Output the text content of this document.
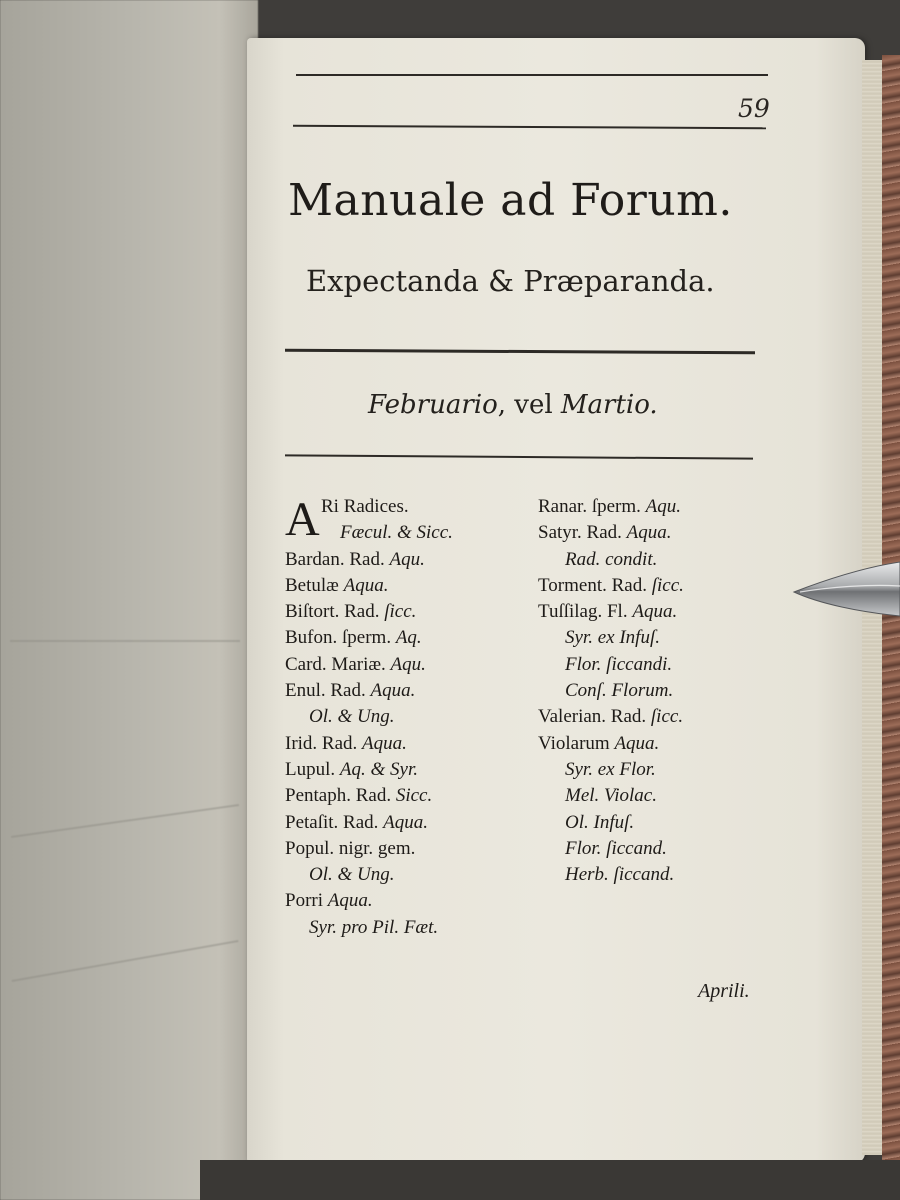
59
Manuale ad Forum.
Expectanda & Præparanda.
Februario, vel Martio.
A Ri Radices.
Fæcul. & Sicc.
Bardan. Rad. Aqu.
Betulæ Aqua.
Biſtort. Rad. ſicc.
Bufon. ſperm. Aq.
Card. Mariæ. Aqu.
Enul. Rad. Aqua.
Ol. & Ung.
Irid. Rad. Aqua.
Lupul. Aq. & Syr.
Pentaph. Rad. Sicc.
Petaſit. Rad. Aqua.
Popul. nigr. gem.
Ol. & Ung.
Porri Aqua.
Syr. pro Pil. Fæt.
Ranar. ſperm. Aqu.
Satyr. Rad. Aqua.
Rad. condit.
Torment. Rad. ſicc.
Tuſſilag. Fl. Aqua.
Syr. ex Infuſ.
Flor. ſiccandi.
Conſ. Florum.
Valerian. Rad. ſicc.
Violarum Aqua.
Syr. ex Flor.
Mel. Violac.
Ol. Infuſ.
Flor. ſiccand.
Herb. ſiccand.
Aprili.
